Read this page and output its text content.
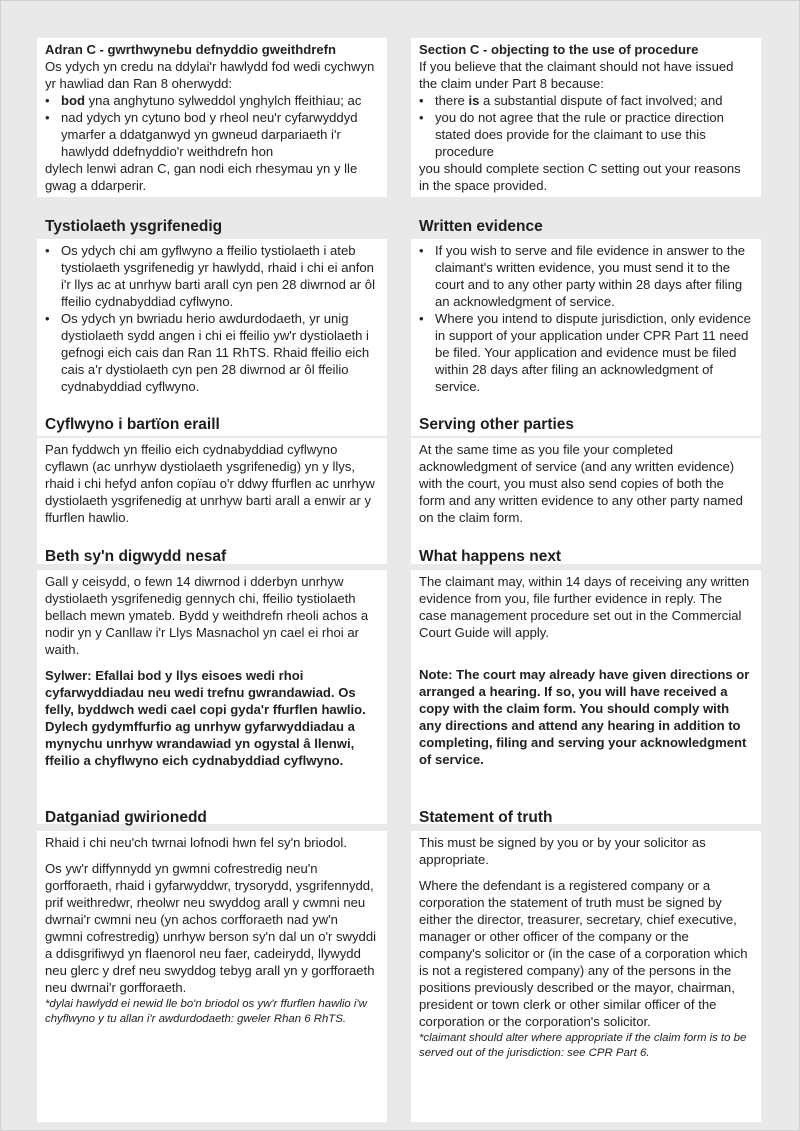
Adran C - gwrthwynebu defnyddio gweithdrefn

Os ydych yn credu na ddylai'r hawlydd fod wedi cychwyn yr hawliad dan Ran 8 oherwydd:

• bod yna anghytuno sylweddol ynghylch ffeithiau; ac
• nad ydych yn cytuno bod y rheol neu'r cyfarwyddyd ymarfer a ddatganwyd yn gwneud darpariaeth i'r hawlydd ddefnyddio'r weithdrefn hon

dylech lenwi adran C, gan nodi eich rhesymau yn y lle gwag a ddarperir.

Tystiolaeth ysgrifenedig
• Os ydych chi am gyflwyno a ffeilio tystiolaeth i ateb tystiolaeth ysgrifenedig yr hawlydd, rhaid i chi ei anfon i'r llys ac at unrhyw barti arall cyn pen 28 diwrnod ar ôl ffeilio cydnabyddiad cyflwyno.
• Os ydych yn bwriadu herio awdurdodaeth, yr unig dystiolaeth sydd angen i chi ei ffeilio yw'r dystiolaeth i gefnogi eich cais dan Ran 11 RhTS. Rhaid ffeilio eich cais a'r dystiolaeth cyn pen 28 diwrnod ar ôl ffeilio cydnabyddiad cyflwyno.
Cyflwyno i bartïon eraill

Pan fyddwch yn ffeilio eich cydnabyddiad cyflwyno cyflawn (ac unrhyw dystiolaeth ysgrifenedig) yn y llys, rhaid i chi hefyd anfon copïau o'r ddwy ffurflen ac unrhyw dystiolaeth ysgrifenedig at unrhyw barti arall a enwir ar y ffurflen hawlio.

Beth sy'n digwydd nesaf

Gall y ceisydd, o fewn 14 diwrnod i dderbyn unrhyw dystiolaeth ysgrifenedig gennych chi, ffeilio tystiolaeth bellach mewn ymateb. Bydd y weithdrefn rheoli achos a nodir yn y Canllaw i'r Llys Masnachol yn cael ei rhoi ar waith.

Sylwer: Efallai bod y llys eisoes wedi rhoi cyfarwyddiadau neu wedi trefnu gwrandawiad. Os felly, byddwch wedi cael copi gyda'r ffurflen hawlio. Dylech gydymffurfio ag unrhyw gyfarwyddiadau a mynychu unrhyw wrandawiad yn ogystal â llenwi, ffeilio a chyflwyno eich cydnabyddiad cyflwyno.

Datganiad gwirionedd

Rhaid i chi neu'ch twrnai lofnodi hwn fel sy'n briodol.

Os yw'r diffynnydd yn gwmni cofrestredig neu'n gorfforaeth, rhaid i gyfarwyddwr, trysorydd, ysgrifennydd, prif weithredwr, rheolwr neu swyddog arall y cwmni neu dwrnai'r cwmni neu (yn achos corfforaeth nad yw'n gwmni cofrestredig) unrhyw berson sy'n dal un o'r swyddi a ddisgrifiwyd yn flaenorol neu faer, cadeirydd, llywydd neu glerc y dref neu swyddog tebyg arall yn y gorfforaeth neu dwrnai'r gorfforaeth.

*dylai hawlydd ei newid lle bo'n briodol os yw'r ffurflen hawlio i'w chyflwyno y tu allan i'r awdurdodaeth: gweler Rhan 6 RhTS.

Section C - objecting to the use of procedure

If you believe that the claimant should not have issued the claim under Part 8 because:

• there is a substantial dispute of fact involved; and
• you do not agree that the rule or practice direction stated does provide for the claimant to use this procedure

you should complete section C setting out your reasons in the space provided.

Written evidence
• If you wish to serve and file evidence in answer to the claimant's written evidence, you must send it to the court and to any other party within 28 days after filing an acknowledgment of service.
• Where you intend to dispute jurisdiction, only evidence in support of your application under CPR Part 11 need be filed. Your application and evidence must be filed within 28 days after filing an acknowledgment of service.
Serving other parties

At the same time as you file your completed acknowledgment of service (and any written evidence) with the court, you must also send copies of both the form and any written evidence to any other party named on the claim form.

What happens next

The claimant may, within 14 days of receiving any written evidence from you, file further evidence in reply. The case management procedure set out in the Commercial Court Guide will apply.

Note: The court may already have given directions or arranged a hearing. If so, you will have received a copy with the claim form. You should comply with any directions and attend any hearing in addition to completing, filing and serving your acknowledgment of service.

Statement of truth

This must be signed by you or by your solicitor as appropriate.

Where the defendant is a registered company or a corporation the statement of truth must be signed by either the director, treasurer, secretary, chief executive, manager or other officer of the company or the company's solicitor or (in the case of a corporation which is not a registered company) any of the persons in the positions previously described or the mayor, chairman, president or town clerk or other similar officer of the corporation or the corporation's solicitor.

*claimant should alter where appropriate if the claim form is to be served out of the jurisdiction: see CPR Part 6.
